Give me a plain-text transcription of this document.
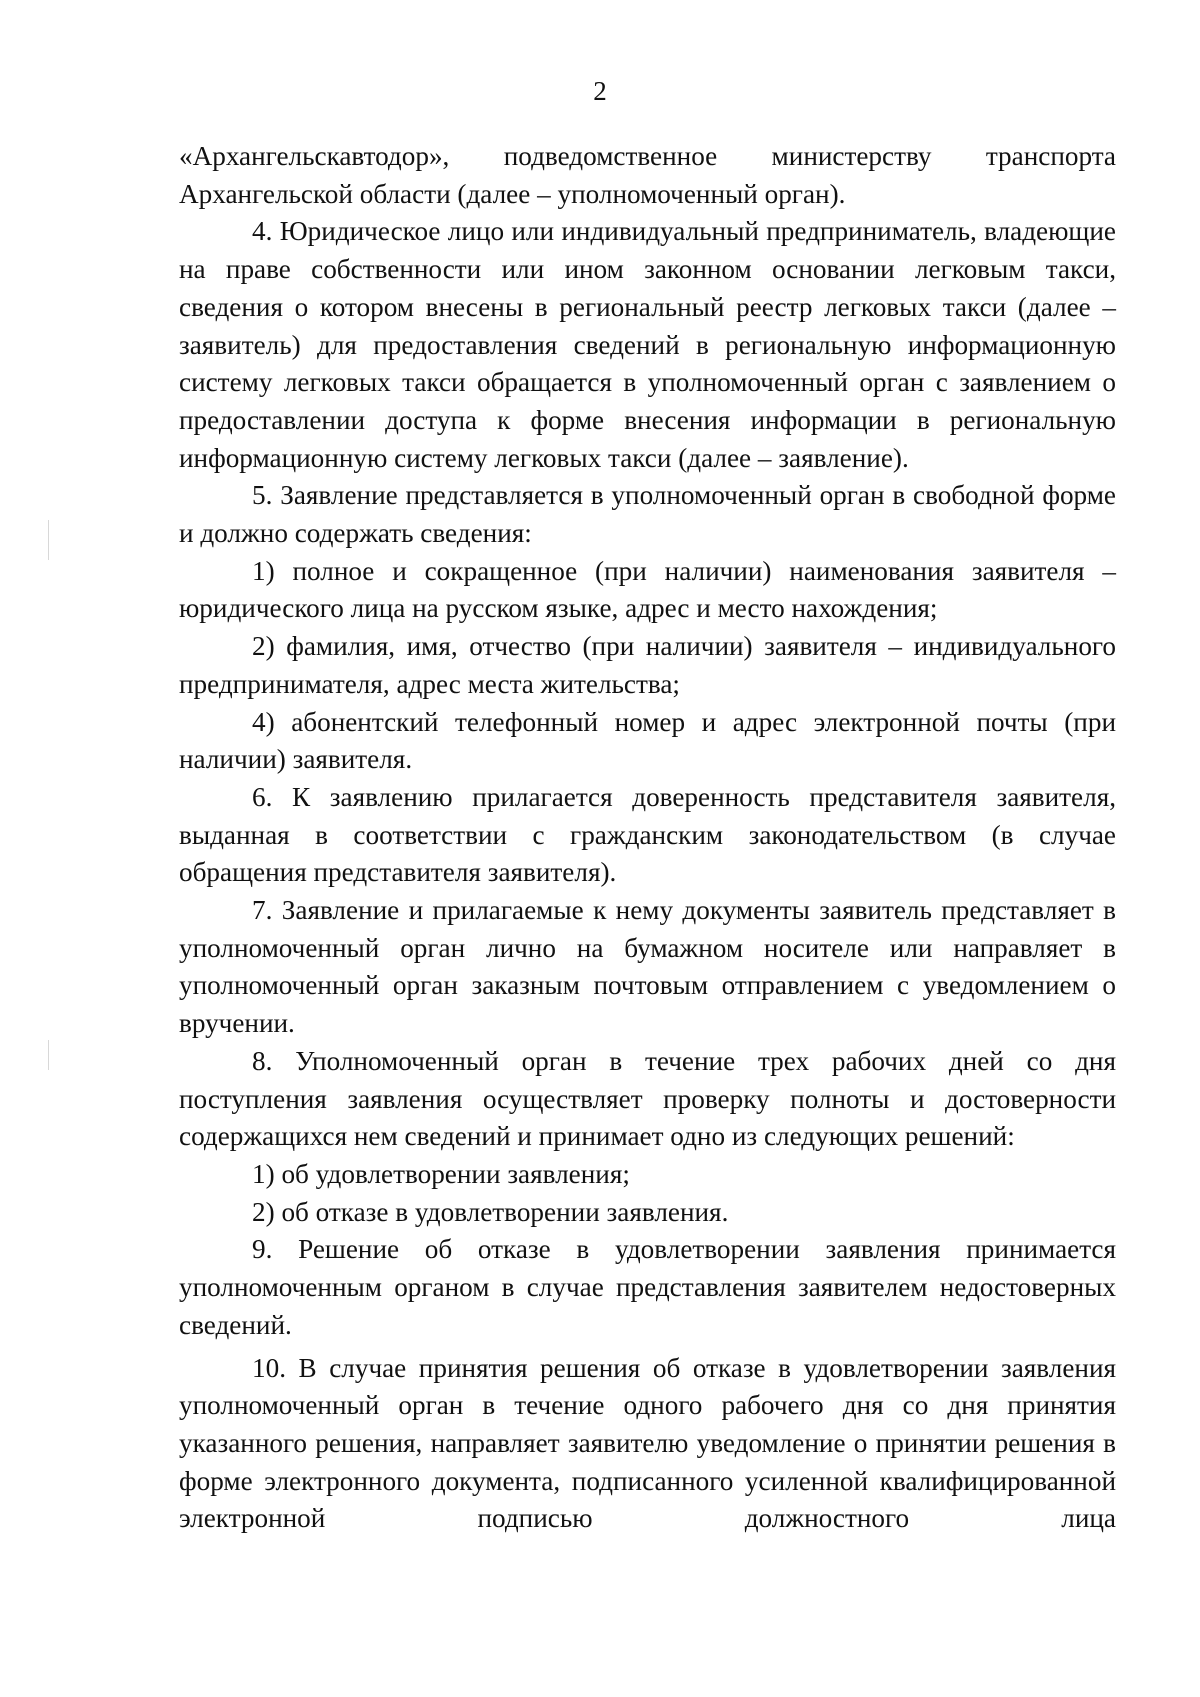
2

«Архангельскавтодор», подведомственное министерству транспорта Архангельской области (далее – уполномоченный орган).

4. Юридическое лицо или индивидуальный предприниматель, владеющие на праве собственности или ином законном основании легковым такси, сведения о котором внесены в региональный реестр легковых такси (далее – заявитель) для предоставления сведений в региональную информационную систему легковых такси обращается в уполномоченный орган с заявлением о предоставлении доступа к форме внесения информации в региональную информационную систему легковых такси (далее – заявление).

5. Заявление представляется в уполномоченный орган в свободной форме и должно содержать сведения:

1) полное и сокращенное (при наличии) наименования заявителя – юридического лица на русском языке, адрес и место нахождения;

2) фамилия, имя, отчество (при наличии) заявителя – индивидуального предпринимателя, адрес места жительства;

4) абонентский телефонный номер и адрес электронной почты (при наличии) заявителя.

6. К заявлению прилагается доверенность представителя заявителя, выданная в соответствии с гражданским законодательством (в случае обращения представителя заявителя).

7. Заявление и прилагаемые к нему документы заявитель представляет в уполномоченный орган лично на бумажном носителе или направляет в уполномоченный орган заказным почтовым отправлением с уведомлением о вручении.

8. Уполномоченный орган в течение трех рабочих дней со дня поступления заявления осуществляет проверку полноты и достоверности содержащихся нем сведений и принимает одно из следующих решений:

1) об удовлетворении заявления;

2) об отказе в удовлетворении заявления.

9. Решение об отказе в удовлетворении заявления принимается уполномоченным органом в случае представления заявителем недостоверных сведений.

10. В случае принятия решения об отказе в удовлетворении заявления уполномоченный орган в течение одного рабочего дня со дня принятия указанного решения, направляет заявителю уведомление о принятии решения в форме электронного документа, подписанного усиленной квалифицированной электронной подписью должностного лица
